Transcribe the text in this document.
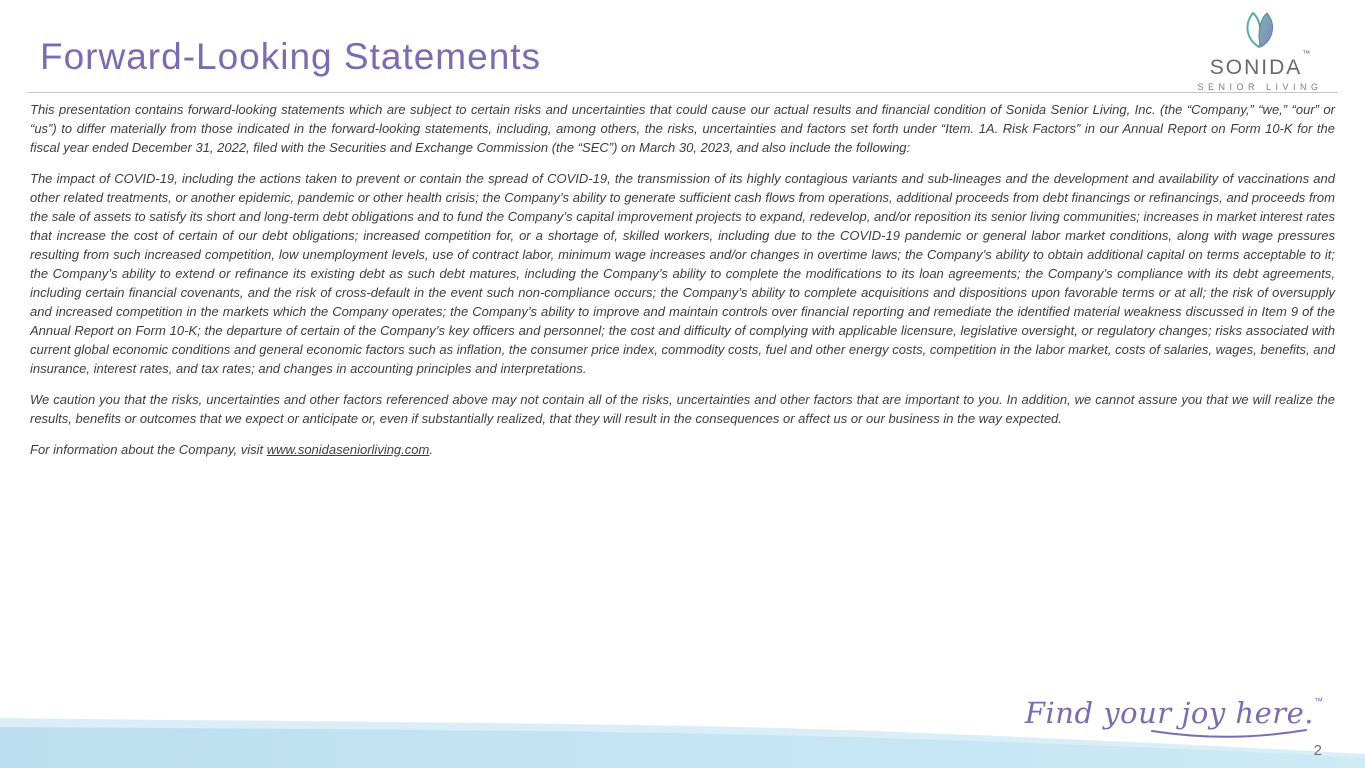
Forward-Looking Statements	sonida™
SENIOR LIVING

This presentation contains forward-looking statements which are subject to certain risks and uncertainties that could cause our actual results and financial condition of Sonida Senior Living, Inc. (the “Company,” “we,” “our” or “us”) to differ materially from those indicated in the forward-looking statements, including, among others, the risks, uncertainties and factors set forth under “Item. 1A. Risk Factors” in our Annual Report on Form 10-K for the fiscal year ended December 31, 2022, filed with the Securities and Exchange Commission (the “SEC”) on March 30, 2023, and also include the following:

The impact of COVID-19, including the actions taken to prevent or contain the spread of COVID-19, the transmission of its highly contagious variants and sub-lineages and the development and availability of vaccinations and other related treatments, or another epidemic, pandemic or other health crisis; the Company’s ability to generate sufficient cash flows from operations, additional proceeds from debt financings or refinancings, and proceeds from the sale of assets to satisfy its short and long-term debt obligations and to fund the Company’s capital improvement projects to expand, redevelop, and/or reposition its senior living communities; increases in market interest rates that increase the cost of certain of our debt obligations; increased competition for, or a shortage of, skilled workers, including due to the COVID-19 pandemic or general labor market conditions, along with wage pressures resulting from such increased competition, low unemployment levels, use of contract labor, minimum wage increases and/or changes in overtime laws; the Company’s ability to obtain additional capital on terms acceptable to it; the Company’s ability to extend or refinance its existing debt as such debt matures, including the Company’s ability to complete the modifications to its loan agreements; the Company’s compliance with its debt agreements, including certain financial covenants, and the risk of cross-default in the event such non-compliance occurs; the Company’s ability to complete acquisitions and dispositions upon favorable terms or at all; the risk of oversupply and increased competition in the markets which the Company operates; the Company’s ability to improve and maintain controls over financial reporting and remediate the identified material weakness discussed in Item 9 of the Annual Report on Form 10-K; the departure of certain of the Company’s key officers and personnel; the cost and difficulty of complying with applicable licensure, legislative oversight, or regulatory changes; risks associated with current global economic conditions and general economic factors such as inflation, the consumer price index, commodity costs, fuel and other energy costs, competition in the labor market, costs of salaries, wages, benefits, and insurance, interest rates, and tax rates; and changes in accounting principles and interpretations.

We caution you that the risks, uncertainties and other factors referenced above may not contain all of the risks, uncertainties and other factors that are important to you. In addition, we cannot assure you that we will realize the results, benefits or outcomes that we expect or anticipate or, even if substantially realized, that they will result in the consequences or affect us or our business in the way expected.

For information about the Company, visit www.sonidaseniorliving.com.

Find your joy here.™
2
